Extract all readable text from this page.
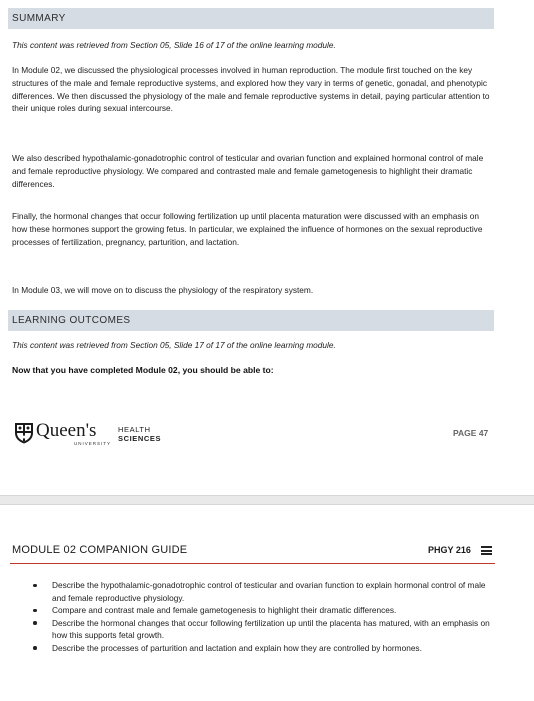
SUMMARY
This content was retrieved from Section 05, Slide 16 of 17 of the online learning module.
In Module 02, we discussed the physiological processes involved in human reproduction. The module first touched on the key structures of the male and female reproductive systems, and explored how they vary in terms of genetic, gonadal, and phenotypic differences. We then discussed the physiology of the male and female reproductive systems in detail, paying particular attention to their unique roles during sexual intercourse.
We also described hypothalamic-gonadotrophic control of testicular and ovarian function and explained hormonal control of male and female reproductive physiology. We compared and contrasted male and female gametogenesis to highlight their dramatic differences.
Finally, the hormonal changes that occur following fertilization up until placenta maturation were discussed with an emphasis on how these hormones support the growing fetus. In particular, we explained the influence of hormones on the sexual reproductive processes of fertilization, pregnancy, parturition, and lactation.
In Module 03, we will move on to discuss the physiology of the respiratory system.
LEARNING OUTCOMES
This content was retrieved from Section 05, Slide 17 of 17 of the online learning module.
Now that you have completed Module 02, you should be able to:
Queen's
UNIVERSITY
HEALTH
SCIENCES	PAGE 47
MODULE 02 COMPANION GUIDE	PHGY 216
Describe the hypothalamic-gonadotrophic control of testicular and ovarian function to explain hormonal control of male and female reproductive physiology.
Compare and contrast male and female gametogenesis to highlight their dramatic differences.
Describe the hormonal changes that occur following fertilization up until the placenta has matured, with an emphasis on how this supports fetal growth.
Describe the processes of parturition and lactation and explain how they are controlled by hormones.
